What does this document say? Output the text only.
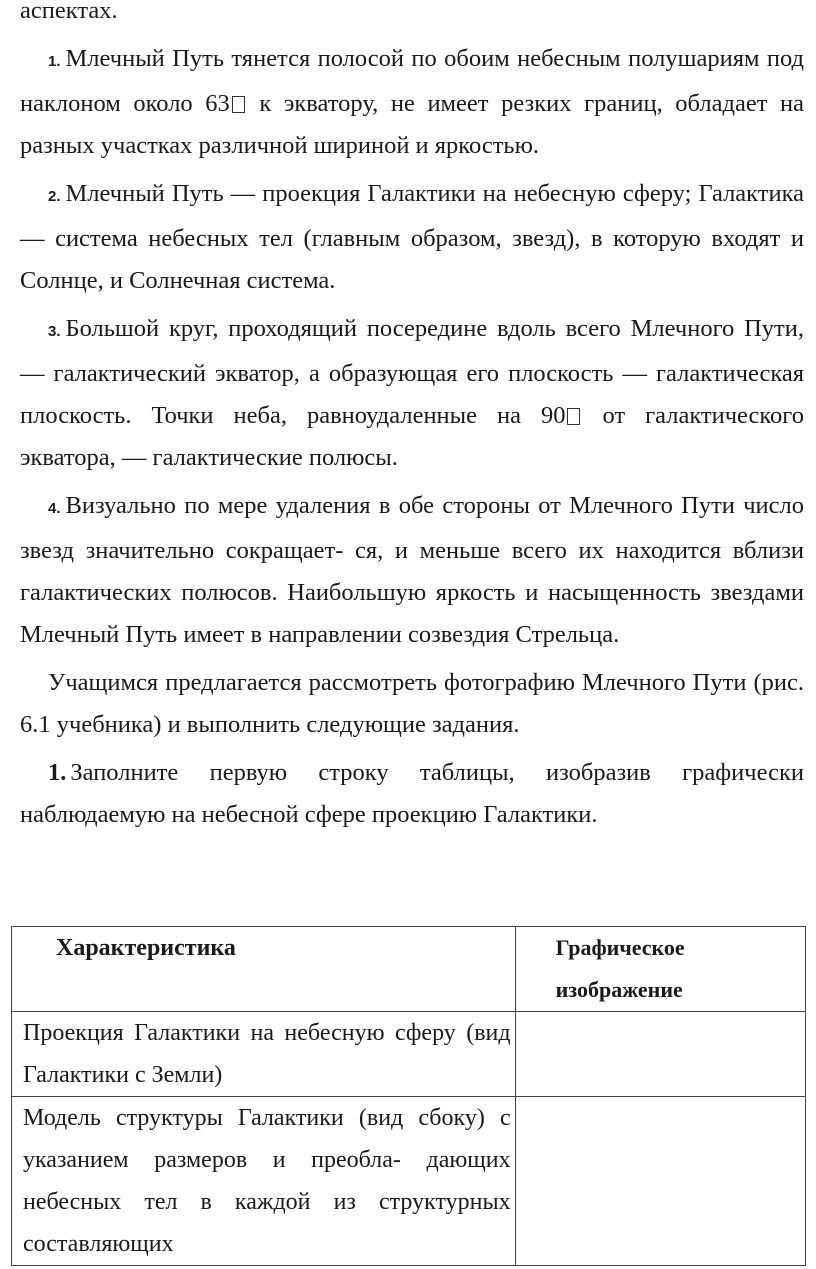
аспектах.

1. Млечный Путь тянется полосой по обоим небесным полушариям под наклоном около 63 к экватору, не имеет резких границ, обладает на разных участках различной шириной и яркостью.

2. Млечный Путь — проекция Галактики на небесную сферу; Галактика — система небесных тел (главным образом, звезд), в которую входят и Солнце, и Солнечная система.

3. Большой круг, проходящий посередине вдоль всего Млечного Пути, — галактический экватор, а образующая его плоскость — галактическая плоскость. Точки неба, равноудаленные на 90 от галактического экватора, — галактические полюсы.

4. Визуально по мере удаления в обе стороны от Млечного Пути число звезд значительно сокращает- ся, и меньше всего их находится вблизи галактических полюсов. Наибольшую яркость и насыщенность звездами Млечный Путь имеет в направлении созвездия Стрельца.

Учащимся предлагается рассмотреть фотографию Млечного Пути (рис. 6.1 учебника) и выполнить следующие задания.

1. Заполните первую строку таблицы, изобразив графически наблюдаемую на небесной сфере проекцию Галактики.

Характеристика	Графическое изображение
Проекция Галактики на небесную сферу (вид Галактики с Земли)	
Модель структуры Галактики (вид сбоку) с указанием размеров и преобла- дающих небесных тел в каждой из структурных составляющих	
